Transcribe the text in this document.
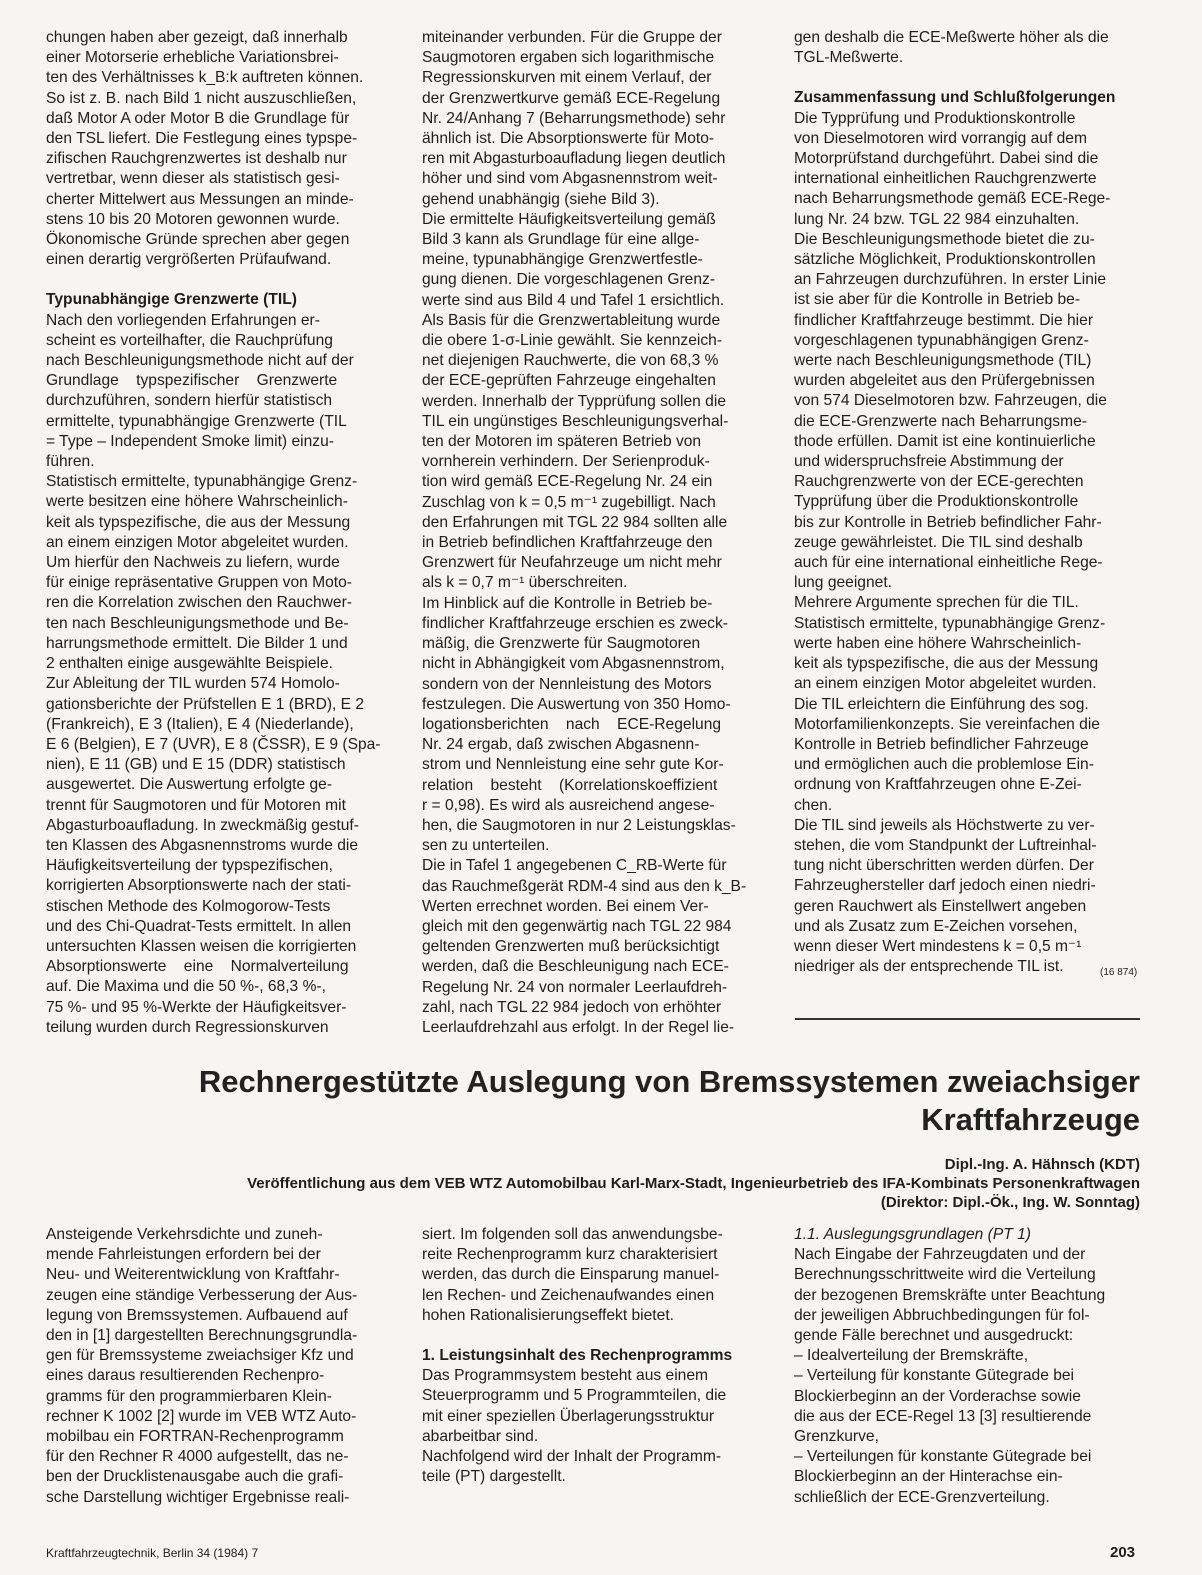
chungen haben aber gezeigt, daß innerhalb

einer Motorserie erhebliche Variationsbrei-

ten des Verhältnisses k_B:k auftreten können.

So ist z. B. nach Bild 1 nicht auszuschließen,

daß Motor A oder Motor B die Grundlage für

den TSL liefert. Die Festlegung eines typspe-

zifischen Rauchgrenzwertes ist deshalb nur

vertretbar, wenn dieser als statistisch gesi-

cherter Mittelwert aus Messungen an minde-

stens 10 bis 20 Motoren gewonnen wurde.

Ökonomische Gründe sprechen aber gegen

einen derartig vergrößerten Prüfaufwand.

Typunabhängige Grenzwerte (TIL)

Nach den vorliegenden Erfahrungen er-

scheint es vorteilhafter, die Rauchprüfung

nach Beschleunigungsmethode nicht auf der

Grundlage    typspezifischer    Grenzwerte

durchzuführen, sondern hierfür statistisch

ermittelte, typunabhängige Grenzwerte (TIL

= Type – Independent Smoke limit) einzu-

führen.

Statistisch ermittelte, typunabhängige Grenz-

werte besitzen eine höhere Wahrscheinlich-

keit als typspezifische, die aus der Messung

an einem einzigen Motor abgeleitet wurden.

Um hierfür den Nachweis zu liefern, wurde

für einige repräsentative Gruppen von Moto-

ren die Korrelation zwischen den Rauchwer-

ten nach Beschleunigungsmethode und Be-

harrungsmethode ermittelt. Die Bilder 1 und

2 enthalten einige ausgewählte Beispiele.

Zur Ableitung der TIL wurden 574 Homolo-

gationsberichte der Prüfstellen E 1 (BRD), E 2

(Frankreich), E 3 (Italien), E 4 (Niederlande),

E 6 (Belgien), E 7 (UVR), E 8 (ČSSR), E 9 (Spa-

nien), E 11 (GB) und E 15 (DDR) statistisch

ausgewertet. Die Auswertung erfolgte ge-

trennt für Saugmotoren und für Motoren mit

Abgasturboaufladung. In zweckmäßig gestuf-

ten Klassen des Abgasnennstroms wurde die

Häufigkeitsverteilung der typspezifischen,

korrigierten Absorptionswerte nach der stati-

stischen Methode des Kolmogorow-Tests

und des Chi-Quadrat-Tests ermittelt. In allen

untersuchten Klassen weisen die korrigierten

Absorptionswerte    eine    Normalverteilung

auf. Die Maxima und die 50 %-, 68,3 %-,

75 %- und 95 %-Werkte der Häufigkeitsver-

teilung wurden durch Regressionskurven

miteinander verbunden. Für die Gruppe der

Saugmotoren ergaben sich logarithmische

Regressionskurven mit einem Verlauf, der

der Grenzwertkurve gemäß ECE-Regelung

Nr. 24/Anhang 7 (Beharrungsmethode) sehr

ähnlich ist. Die Absorptionswerte für Moto-

ren mit Abgasturboaufladung liegen deutlich

höher und sind vom Abgasnennstrom weit-

gehend unabhängig (siehe Bild 3).

Die ermittelte Häufigkeitsverteilung gemäß

Bild 3 kann als Grundlage für eine allge-

meine, typunabhängige Grenzwertfestle-

gung dienen. Die vorgeschlagenen Grenz-

werte sind aus Bild 4 und Tafel 1 ersichtlich.

Als Basis für die Grenzwertableitung wurde

die obere 1-σ-Linie gewählt. Sie kennzeich-

net diejenigen Rauchwerte, die von 68,3 %

der ECE-geprüften Fahrzeuge eingehalten

werden. Innerhalb der Typprüfung sollen die

TIL ein ungünstiges Beschleunigungsverhal-

ten der Motoren im späteren Betrieb von

vornherein verhindern. Der Serienproduk-

tion wird gemäß ECE-Regelung Nr. 24 ein

Zuschlag von k = 0,5 m⁻¹ zugebilligt. Nach

den Erfahrungen mit TGL 22 984 sollten alle

in Betrieb befindlichen Kraftfahrzeuge den

Grenzwert für Neufahrzeuge um nicht mehr

als k = 0,7 m⁻¹ überschreiten.

Im Hinblick auf die Kontrolle in Betrieb be-

findlicher Kraftfahrzeuge erschien es zweck-

mäßig, die Grenzwerte für Saugmotoren

nicht in Abhängigkeit vom Abgasnennstrom,

sondern von der Nennleistung des Motors

festzulegen. Die Auswertung von 350 Homo-

logationsberichten    nach    ECE-Regelung

Nr. 24 ergab, daß zwischen Abgasnenn-

strom und Nennleistung eine sehr gute Kor-

relation    besteht    (Korrelationskoeffizient

r = 0,98). Es wird als ausreichend angese-

hen, die Saugmotoren in nur 2 Leistungsklas-

sen zu unterteilen.

Die in Tafel 1 angegebenen C_RB-Werte für

das Rauchmeßgerät RDM-4 sind aus den k_B-

Werten errechnet worden. Bei einem Ver-

gleich mit den gegenwärtig nach TGL 22 984

geltenden Grenzwerten muß berücksichtigt

werden, daß die Beschleunigung nach ECE-

Regelung Nr. 24 von normaler Leerlaufdreh-

zahl, nach TGL 22 984 jedoch von erhöhter

Leerlaufdrehzahl aus erfolgt. In der Regel lie-

gen deshalb die ECE-Meßwerte höher als die

TGL-Meßwerte.

Zusammenfassung und Schlußfolgerungen

Die Typprüfung und Produktionskontrolle

von Dieselmotoren wird vorrangig auf dem

Motorprüfstand durchgeführt. Dabei sind die

international einheitlichen Rauchgrenzwerte

nach Beharrungsmethode gemäß ECE-Rege-

lung Nr. 24 bzw. TGL 22 984 einzuhalten.

Die Beschleunigungsmethode bietet die zu-

sätzliche Möglichkeit, Produktionskontrollen

an Fahrzeugen durchzuführen. In erster Linie

ist sie aber für die Kontrolle in Betrieb be-

findlicher Kraftfahrzeuge bestimmt. Die hier

vorgeschlagenen typunabhängigen Grenz-

werte nach Beschleunigungsmethode (TIL)

wurden abgeleitet aus den Prüfergebnissen

von 574 Dieselmotoren bzw. Fahrzeugen, die

die ECE-Grenzwerte nach Beharrungsme-

thode erfüllen. Damit ist eine kontinuierliche

und widerspruchsfreie Abstimmung der

Rauchgrenzwerte von der ECE-gerechten

Typprüfung über die Produktionskontrolle

bis zur Kontrolle in Betrieb befindlicher Fahr-

zeuge gewährleistet. Die TIL sind deshalb

auch für eine international einheitliche Rege-

lung geeignet.

Mehrere Argumente sprechen für die TIL.

Statistisch ermittelte, typunabhängige Grenz-

werte haben eine höhere Wahrscheinlich-

keit als typspezifische, die aus der Messung

an einem einzigen Motor abgeleitet wurden.

Die TIL erleichtern die Einführung des sog.

Motorfamilienkonzepts. Sie vereinfachen die

Kontrolle in Betrieb befindlicher Fahrzeuge

und ermöglichen auch die problemlose Ein-

ordnung von Kraftfahrzeugen ohne E-Zei-

chen.

Die TIL sind jeweils als Höchstwerte zu ver-

stehen, die vom Standpunkt der Luftreinhal-

tung nicht überschritten werden dürfen. Der

Fahrzeughersteller darf jedoch einen niedri-

geren Rauchwert als Einstellwert angeben

und als Zusatz zum E-Zeichen vorsehen,

wenn dieser Wert mindestens k = 0,5 m⁻¹

niedriger als der entsprechende TIL ist.	(16 874)
Rechnergestützte Auslegung von Bremssystemen zweiachsiger
Kraftfahrzeuge
Dipl.-Ing. A. Hähnsch (KDT)
Veröffentlichung aus dem VEB WTZ Automobilbau Karl-Marx-Stadt, Ingenieurbetrieb des IFA-Kombinats Personenkraftwagen
(Direktor: Dipl.-Ök., Ing. W. Sonntag)

Ansteigende Verkehrsdichte und zuneh-

mende Fahrleistungen erfordern bei der

Neu- und Weiterentwicklung von Kraftfahr-

zeugen eine ständige Verbesserung der Aus-

legung von Bremssystemen. Aufbauend auf

den in [1] dargestellten Berechnungsgrundla-

gen für Bremssysteme zweiachsiger Kfz und

eines daraus resultierenden Rechenpro-

gramms für den programmierbaren Klein-

rechner K 1002 [2] wurde im VEB WTZ Auto-

mobilbau ein FORTRAN-Rechenprogramm

für den Rechner R 4000 aufgestellt, das ne-

ben der Drucklistenausgabe auch die grafi-

sche Darstellung wichtiger Ergebnisse reali-

siert. Im folgenden soll das anwendungsbe-

reite Rechenprogramm kurz charakterisiert

werden, das durch die Einsparung manuel-

len Rechen- und Zeichenaufwandes einen

hohen Rationalisierungseffekt bietet.

1. Leistungsinhalt des Rechenprogramms

Das Programmsystem besteht aus einem

Steuerprogramm und 5 Programmteilen, die

mit einer speziellen Überlagerungsstruktur

abarbeitbar sind.

Nachfolgend wird der Inhalt der Programm-

teile (PT) dargestellt.

1.1. Auslegungsgrundlagen (PT 1)

Nach Eingabe der Fahrzeugdaten und der

Berechnungsschrittweite wird die Verteilung

der bezogenen Bremskräfte unter Beachtung

der jeweiligen Abbruchbedingungen für fol-

gende Fälle berechnet und ausgedruckt:

– Idealverteilung der Bremskräfte,

– Verteilung für konstante Gütegrade bei

Blockierbeginn an der Vorderachse sowie

die aus der ECE-Regel 13 [3] resultierende

Grenzkurve,

– Verteilungen für konstante Gütegrade bei

Blockierbeginn an der Hinterachse ein-

schließlich der ECE-Grenzverteilung.

Kraftfahrzeugtechnik, Berlin 34 (1984) 7	203
